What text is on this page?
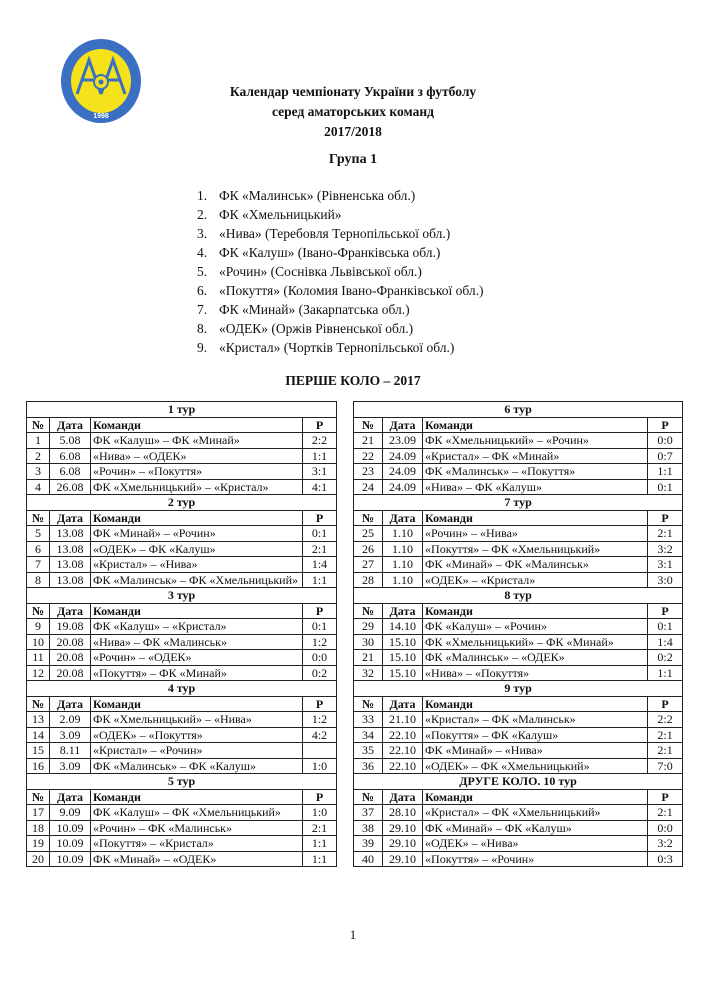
1998
Календар чемпіонату України з футболу
серед аматорських команд
2017/2018
Група 1
1. ФК «Малинськ» (Рівненська обл.)
2. ФК «Хмельницький»
3. «Нива» (Теребовля Тернопільської обл.)
4. ФК «Калуш» (Івано-Франківська обл.)
5. «Рочин» (Соснівка Львівської обл.)
6. «Покуття» (Коломия Івано-Франківської обл.)
7. ФК «Минай» (Закарпатська обл.)
8. «ОДЕК» (Оржів Рівненської обл.)
9. «Кристал» (Чортків Тернопільської обл.)
ПЕРШЕ КОЛО – 2017
1 тур					6 тур			
№	Дата	Команди	Р		№	Дата	Команди	Р
1	5.08	ФК «Калуш» – ФК «Минай»	2:2		21	23.09	ФК «Хмельницький» – «Рочин»	0:0
2	6.08	«Нива» – «ОДЕК»	1:1		22	24.09	«Кристал» – ФК «Минай»	0:7
3	6.08	«Рочин» – «Покуття»	3:1		23	24.09	ФК «Малинськ» – «Покуття»	1:1
4	26.08	ФК «Хмельницький» – «Кристал»	4:1		24	24.09	«Нива» – ФК «Калуш»	0:1
2 тур					7 тур			
№	Дата	Команди	Р		№	Дата	Команди	Р
5	13.08	ФК «Минай» – «Рочин»	0:1		25	1.10	«Рочин» – «Нива»	2:1
6	13.08	«ОДЕК» – ФК «Калуш»	2:1		26	1.10	«Покуття» – ФК «Хмельницький»	3:2
7	13.08	«Кристал» – «Нива»	1:4		27	1.10	ФК «Минай» – ФК «Малинськ»	3:1
8	13.08	ФК «Малинськ» – ФК «Хмельницький»	1:1		28	1.10	«ОДЕК» – «Кристал»	3:0
3 тур					8 тур			
№	Дата	Команди	Р		№	Дата	Команди	Р
9	19.08	ФК «Калуш» – «Кристал»	0:1		29	14.10	ФК «Калуш» – «Рочин»	0:1
10	20.08	«Нива» – ФК «Малинськ»	1:2		30	15.10	ФК «Хмельницький» – ФК «Минай»	1:4
11	20.08	«Рочин» – «ОДЕК»	0:0		21	15.10	ФК «Малинськ» – «ОДЕК»	0:2
12	20.08	«Покуття» – ФК «Минай»	0:2		32	15.10	«Нива» – «Покуття»	1:1
4 тур					9 тур			
№	Дата	Команди	Р		№	Дата	Команди	Р
13	2.09	ФК «Хмельницький» – «Нива»	1:2		33	21.10	«Кристал» – ФК «Малинськ»	2:2
14	3.09	«ОДЕК» – «Покуття»	4:2		34	22.10	«Покуття» – ФК «Калуш»	2:1
15	8.11	«Кристал» – «Рочин»			35	22.10	ФК «Минай» – «Нива»	2:1
16	3.09	ФК «Малинськ» – ФК «Калуш»	1:0		36	22.10	«ОДЕК» – ФК «Хмельницький»	7:0
5 тур					ДРУГЕ КОЛО. 10 тур			
№	Дата	Команди	Р		№	Дата	Команди	Р
17	9.09	ФК «Калуш» – ФК «Хмельницький»	1:0		37	28.10	«Кристал» – ФК «Хмельницький»	2:1
18	10.09	«Рочин» – ФК «Малинськ»	2:1		38	29.10	ФК «Минай» – ФК «Калуш»	0:0
19	10.09	«Покуття» – «Кристал»	1:1		39	29.10	«ОДЕК» – «Нива»	3:2
20	10.09	ФК «Минай» – «ОДЕК»	1:1		40	29.10	«Покуття» – «Рочин»	0:3
1
